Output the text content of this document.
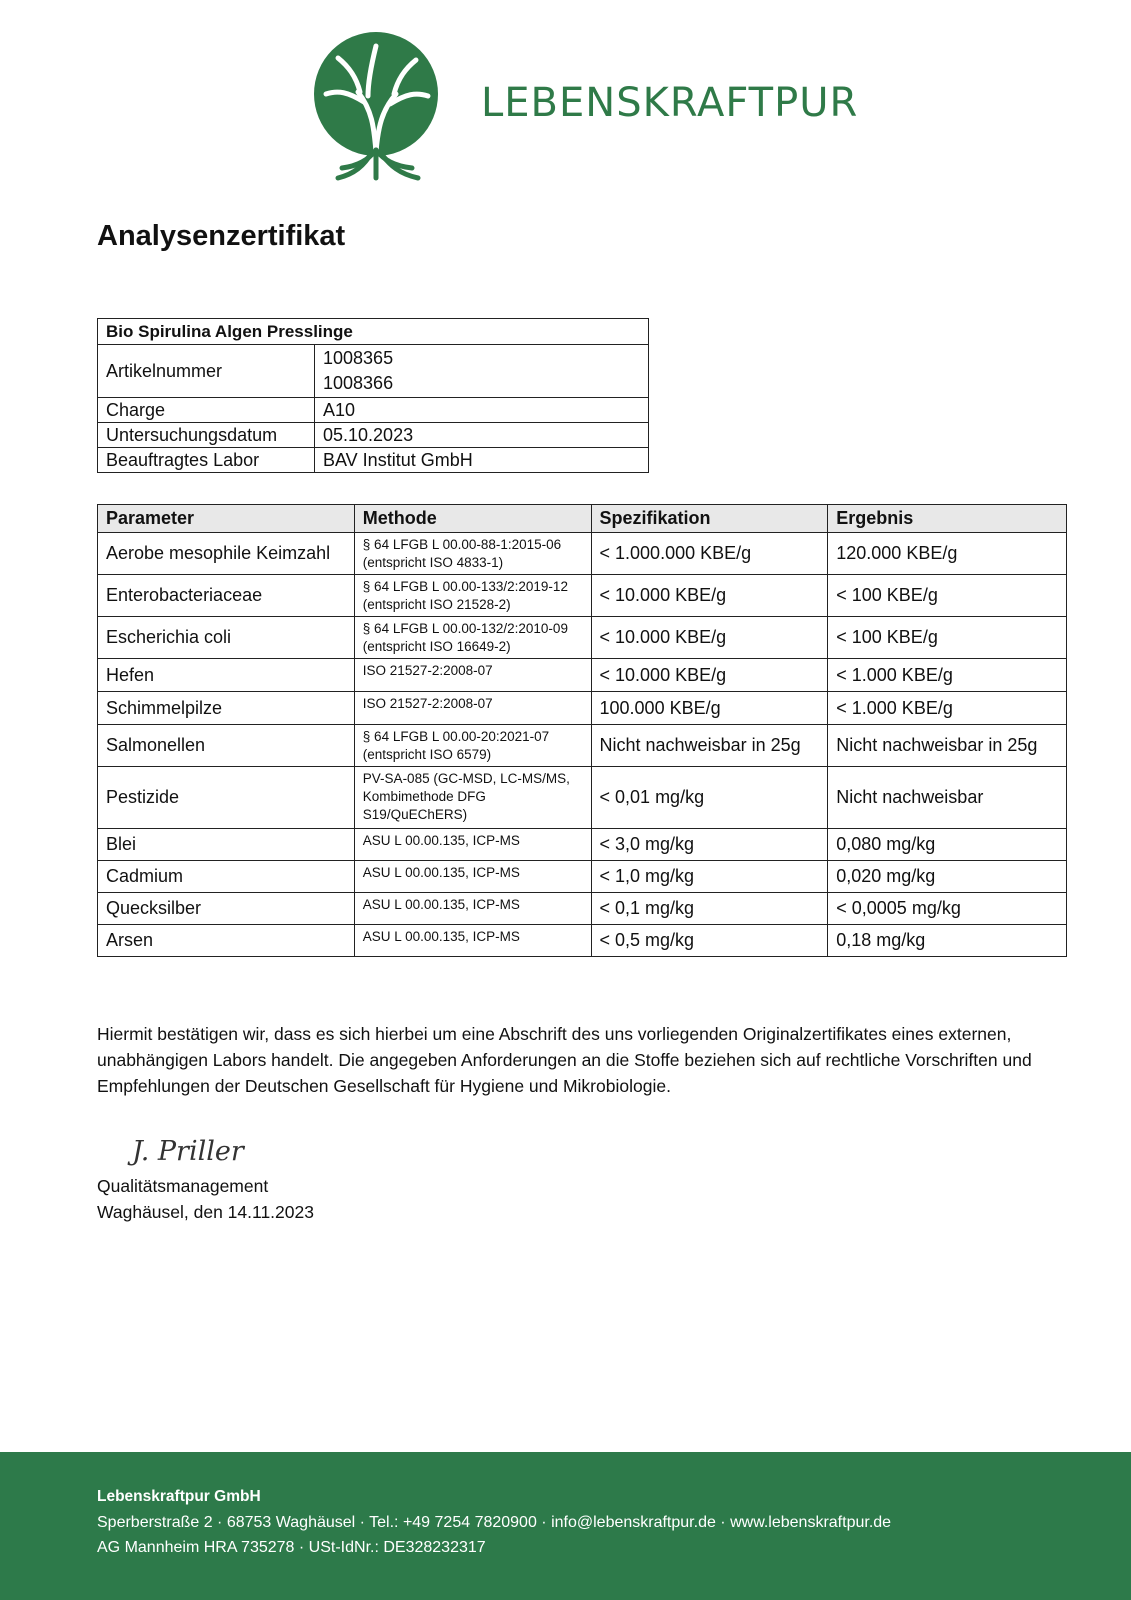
LEBENSKRAFTPUR
Analysenzertifikat
Bio Spirulina Algen Presslinge	
Artikelnummer	1008365
1008366

Charge	A10
Untersuchungsdatum	05.10.2023
Beauftragtes Labor	BAV Institut GmbH
Parameter	Methode	Spezifikation	Ergebnis
Aerobe mesophile Keimzahl	§ 64 LFGB L 00.00-88-1:2015-06 (entspricht ISO 4833-1)	< 1.000.000 KBE/g	120.000 KBE/g
Enterobacteriaceae	§ 64 LFGB L 00.00-133/2:2019-12 (entspricht ISO 21528-2)	< 10.000 KBE/g	< 100 KBE/g
Escherichia coli	§ 64 LFGB L 00.00-132/2:2010-09 (entspricht ISO 16649-2)	< 10.000 KBE/g	< 100 KBE/g
Hefen	ISO 21527-2:2008-07	< 10.000 KBE/g	< 1.000 KBE/g
Schimmelpilze	ISO 21527-2:2008-07	100.000 KBE/g	< 1.000 KBE/g
Salmonellen	§ 64 LFGB L 00.00-20:2021-07 (entspricht ISO 6579)	Nicht nachweisbar in 25g	Nicht nachweisbar in 25g
Pestizide	PV-SA-085 (GC-MSD, LC-MS/MS, Kombimethode DFG S19/QuEChERS)	< 0,01 mg/kg	Nicht nachweisbar
Blei	ASU L 00.00.135, ICP-MS	< 3,0 mg/kg	0,080 mg/kg
Cadmium	ASU L 00.00.135, ICP-MS	< 1,0 mg/kg	0,020 mg/kg
Quecksilber	ASU L 00.00.135, ICP-MS	< 0,1 mg/kg	< 0,0005 mg/kg
Arsen	ASU L 00.00.135, ICP-MS	< 0,5 mg/kg	0,18 mg/kg

Hiermit bestätigen wir, dass es sich hierbei um eine Abschrift des uns vorliegenden Originalzertifikates eines externen, unabhängigen Labors handelt. Die angegeben Anforderungen an die Stoffe beziehen sich auf rechtliche Vorschriften und Empfehlungen der Deutschen Gesellschaft für Hygiene und Mikrobiologie.

J. Priller
Qualitätsmanagement
Waghäusel, den 14.11.2023
Lebenskraftpur GmbH
Sperberstraße 2 · 68753 Waghäusel · Tel.: +49 7254 7820900 · info@lebenskraftpur.de · www.lebenskraftpur.de
AG Mannheim HRA 735278 · USt-IdNr.: DE328232317
